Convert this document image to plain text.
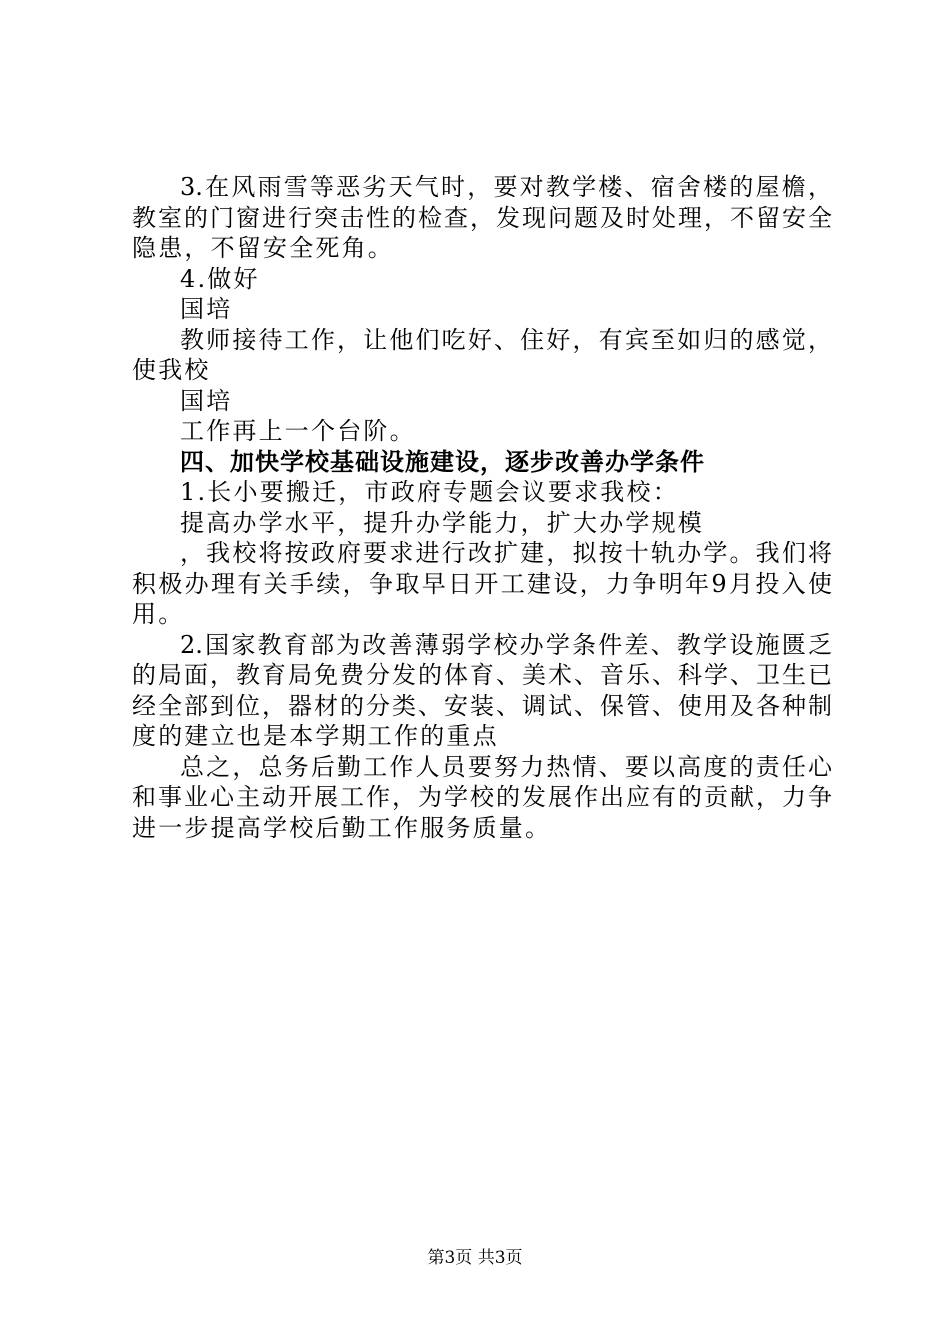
3.在风雨雪等恶劣天气时，要对教学楼、宿舍楼的屋檐，
教室的门窗进行突击性的检查，发现问题及时处理，不留安全
隐患，不留安全死角。
4.做好
国培
教师接待工作，让他们吃好、住好，有宾至如归的感觉，
使我校
国培
工作再上一个台阶。
四、加快学校基础设施建设，逐步改善办学条件
1.长小要搬迁，市政府专题会议要求我校：
提高办学水平，提升办学能力，扩大办学规模
，我校将按政府要求进行改扩建，拟按十轨办学。我们将
积极办理有关手续，争取早日开工建设，力争明年9月投入使
用。
2.国家教育部为改善薄弱学校办学条件差、教学设施匮乏
的局面，教育局免费分发的体育、美术、音乐、科学、卫生已
经全部到位，器材的分类、安装、调试、保管、使用及各种制
度的建立也是本学期工作的重点
总之，总务后勤工作人员要努力热情、要以高度的责任心
和事业心主动开展工作，为学校的发展作出应有的贡献，力争
进一步提高学校后勤工作服务质量。
第3页 共3页
